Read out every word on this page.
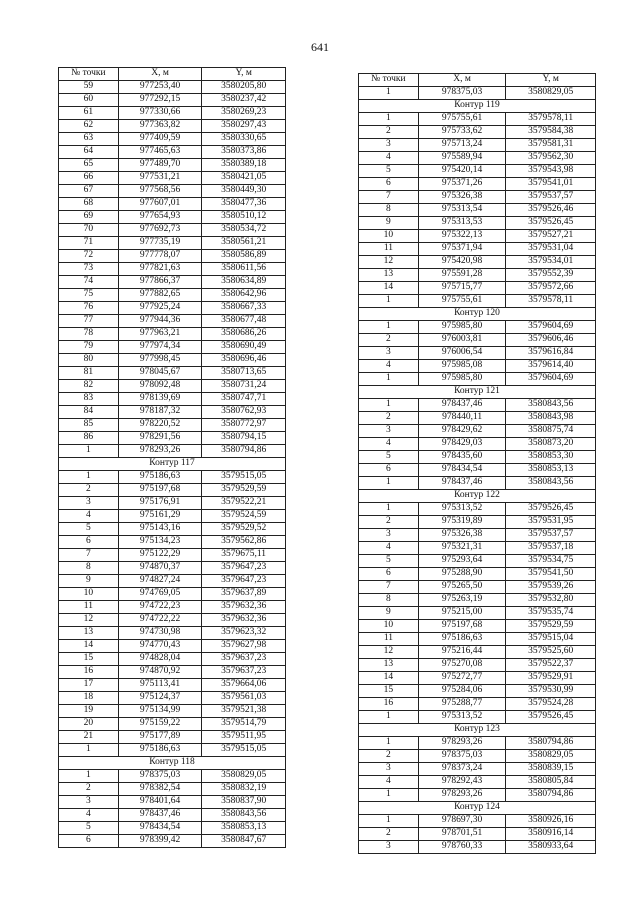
641
№ точки	X, м	Y, м
59	977253,40	3580205,80
60	977292,15	3580237,42
61	977330,66	3580269,23
62	977363,82	3580297,43
63	977409,59	3580330,65
64	977465,63	3580373,86
65	977489,70	3580389,18
66	977531,21	3580421,05
67	977568,56	3580449,30
68	977607,01	3580477,36
69	977654,93	3580510,12
70	977692,73	3580534,72
71	977735,19	3580561,21
72	977778,07	3580586,89
73	977821,63	3580611,56
74	977866,37	3580634,89
75	977882,65	3580642,96
76	977925,24	3580667,33
77	977944,36	3580677,48
78	977963,21	3580686,26
79	977974,34	3580690,49
80	977998,45	3580696,46
81	978045,67	3580713,65
82	978092,48	3580731,24
83	978139,69	3580747,71
84	978187,32	3580762,93
85	978220,52	3580772,97
86	978291,56	3580794,15
1	978293,26	3580794,86
Контур 117		
1	975186,63	3579515,05
2	975197,68	3579529,59
3	975176,91	3579522,21
4	975161,29	3579524,59
5	975143,16	3579529,52
6	975134,23	3579562,86
7	975122,29	3579675,11
8	974870,37	3579647,23
9	974827,24	3579647,23
10	974769,05	3579637,89
11	974722,23	3579632,36
12	974722,22	3579632,36
13	974730,98	3579623,32
14	974770,43	3579627,98
15	974828,04	3579637,23
16	974870,92	3579637,23
17	975113,41	3579664,06
18	975124,37	3579561,03
19	975134,99	3579521,38
20	975159,22	3579514,79
21	975177,89	3579511,95
1	975186,63	3579515,05
Контур 118		
1	978375,03	3580829,05
2	978382,54	3580832,19
3	978401,64	3580837,90
4	978437,46	3580843,56
5	978434,54	3580853,13
6	978399,42	3580847,67
№ точки	X, м	Y, м
1	978375,03	3580829,05
Контур 119		
1	975755,61	3579578,11
2	975733,62	3579584,38
3	975713,24	3579581,31
4	975589,94	3579562,30
5	975420,14	3579543,98
6	975371,26	3579541,01
7	975326,38	3579537,57
8	975313,54	3579526,46
9	975313,53	3579526,45
10	975322,13	3579527,21
11	975371,94	3579531,04
12	975420,98	3579534,01
13	975591,28	3579552,39
14	975715,77	3579572,66
1	975755,61	3579578,11
Контур 120		
1	975985,80	3579604,69
2	976003,81	3579606,46
3	976006,54	3579616,84
4	975985,08	3579614,40
1	975985,80	3579604,69
Контур 121		
1	978437,46	3580843,56
2	978440,11	3580843,98
3	978429,62	3580875,74
4	978429,03	3580873,20
5	978435,60	3580853,30
6	978434,54	3580853,13
1	978437,46	3580843,56
Контур 122		
1	975313,52	3579526,45
2	975319,89	3579531,95
3	975326,38	3579537,57
4	975321,31	3579537,18
5	975293,64	3579534,75
6	975288,90	3579541,50
7	975265,50	3579539,26
8	975263,19	3579532,80
9	975215,00	3579535,74
10	975197,68	3579529,59
11	975186,63	3579515,04
12	975216,44	3579525,60
13	975270,08	3579522,37
14	975272,77	3579529,91
15	975284,06	3579530,99
16	975288,77	3579524,28
1	975313,52	3579526,45
Контур 123		
1	978293,26	3580794,86
2	978375,03	3580829,05
3	978373,24	3580839,15
4	978292,43	3580805,84
1	978293,26	3580794,86
Контур 124		
1	978697,30	3580926,16
2	978701,51	3580916,14
3	978760,33	3580933,64
